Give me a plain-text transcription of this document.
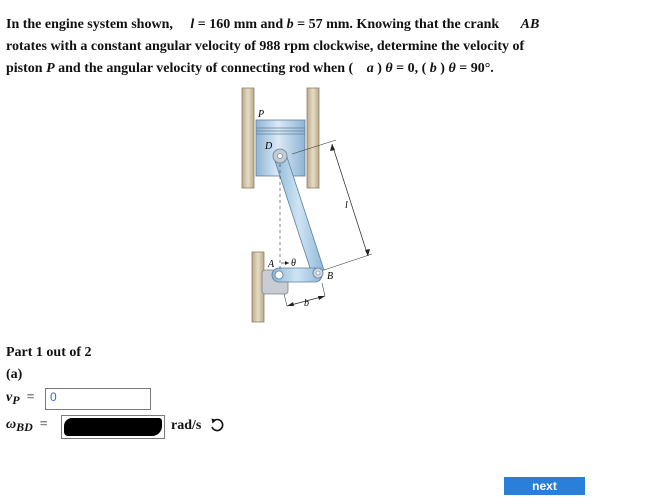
In the engine system shown, l = 160 mm and b = 57 mm. Knowing that the crank AB
rotates with a constant angular velocity of 988 rpm clockwise, determine the velocity of
piston P and the angular velocity of connecting rod when ( a ) θ = 0, ( b ) θ = 90°.
P
D
l
A θ
B
b
Part 1 out of 2
(a)
vP =	0
ωBD =	rad/s
next
